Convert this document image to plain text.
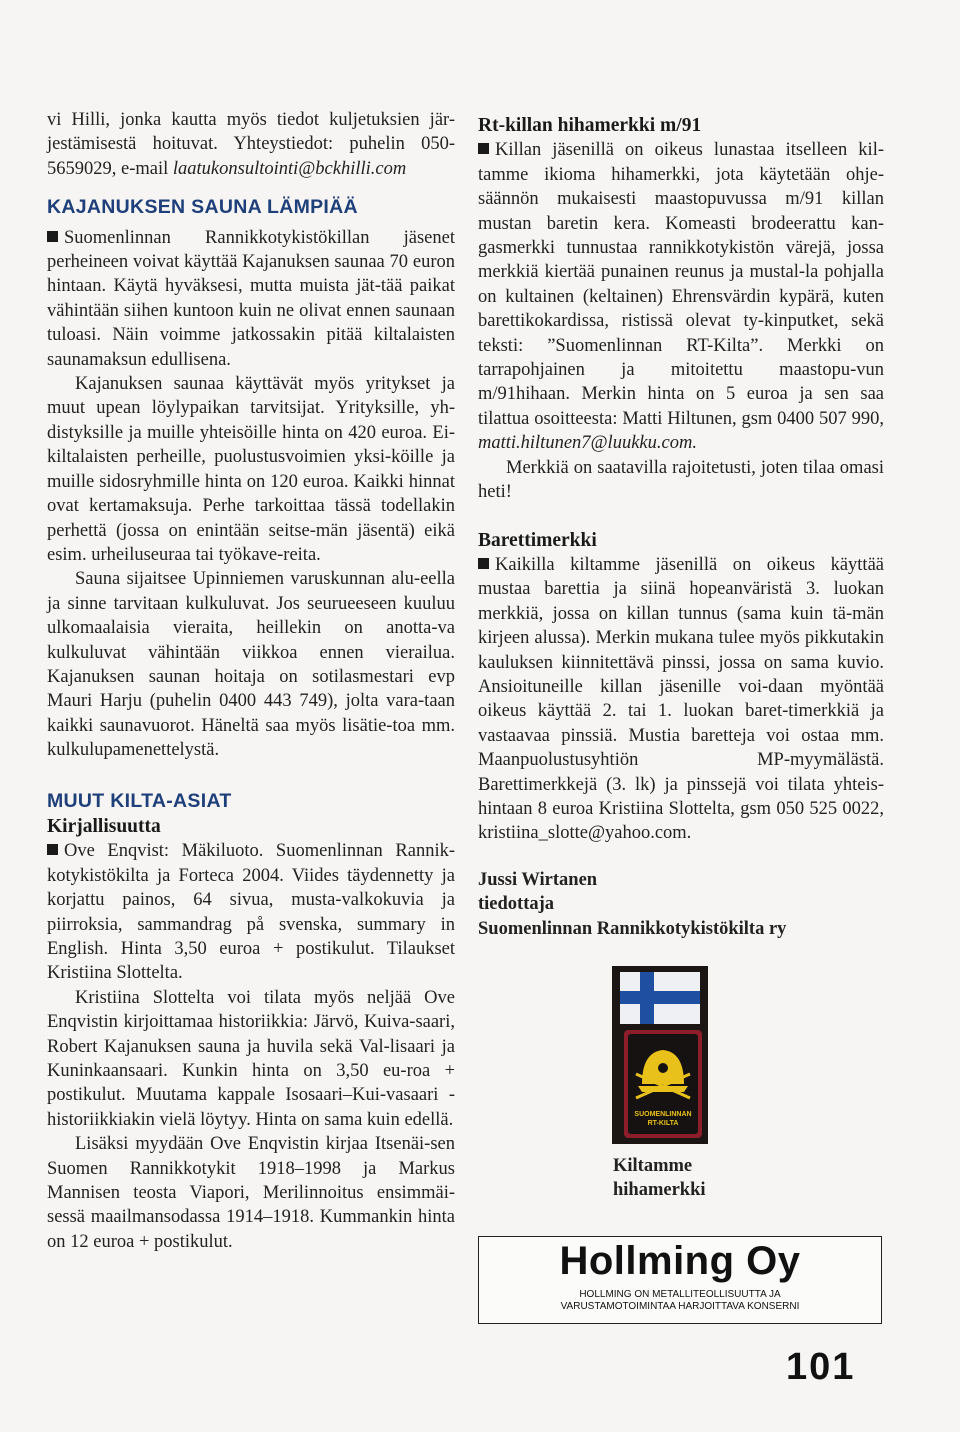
vi Hilli, jonka kautta myös tiedot kuljetuksien jär-jestämisestä hoituvat. Yhteystiedot: puhelin 050- 5659029, e-mail laatukonsultointi@bckhilli.com

KAJANUKSEN SAUNA LÄMPIÄÄ

Suomenlinnan Rannikkotykistökillan jäsenet perheineen voivat käyttää Kajanuksen saunaa 70 euron hintaan. Käytä hyväksesi, mutta muista jät-tää paikat vähintään siihen kuntoon kuin ne olivat ennen saunaan tuloasi. Näin voimme jatkossakin pitää kiltalaisten saunamaksun edullisena.

Kajanuksen saunaa käyttävät myös yritykset ja muut upean löylypaikan tarvitsijat. Yrityksille, yh-distyksille ja muille yhteisöille hinta on 420 euroa. Ei-kiltalaisten perheille, puolustusvoimien yksi-köille ja muille sidosryhmille hinta on 120 euroa. Kaikki hinnat ovat kertamaksuja. Perhe tarkoittaa tässä todellakin perhettä (jossa on enintään seitse-män jäsentä) eikä esim. urheiluseuraa tai työkave-reita.

Sauna sijaitsee Upinniemen varuskunnan alu-eella ja sinne tarvitaan kulkuluvat. Jos seurueeseen kuuluu ulkomaalaisia vieraita, heillekin on anotta-va kulkuluvat vähintään viikkoa ennen vierailua. Kajanuksen saunan hoitaja on sotilasmestari evp Mauri Harju (puhelin 0400 443 749), jolta vara-taan kaikki saunavuorot. Häneltä saa myös lisätie-toa mm. kulkulupamenettelystä.

MUUT KILTA-ASIAT
Kirjallisuutta

Ove Enqvist: Mäkiluoto. Suomenlinnan Rannik-kotykistökilta ja Forteca 2004. Viides täydennetty ja korjattu painos, 64 sivua, musta-valkokuvia ja piirroksia, sammandrag på svenska, summary in English. Hinta 3,50 euroa + postikulut. Tilaukset Kristiina Slottelta.

Kristiina Slottelta voi tilata myös neljää Ove Enqvistin kirjoittamaa historiikkia: Järvö, Kuiva-saari, Robert Kajanuksen sauna ja huvila sekä Val-lisaari ja Kuninkaansaari. Kunkin hinta on 3,50 eu-roa + postikulut. Muutama kappale Isosaari–Kui-vasaari -historiikkiakin vielä löytyy. Hinta on sama kuin edellä.

Lisäksi myydään Ove Enqvistin kirjaa Itsenäi-sen Suomen Rannikkotykit 1918–1998 ja Markus Mannisen teosta Viapori, Merilinnoitus ensimmäi-sessä maailmansodassa 1914–1918. Kummankin hinta on 12 euroa + postikulut.

Rt-killan hihamerkki m/91

Killan jäsenillä on oikeus lunastaa itselleen kil-tamme ikioma hihamerkki, jota käytetään ohje-säännön mukaisesti maastopuvussa m/91 killan mustan baretin kera. Komeasti brodeerattu kan-gasmerkki tunnustaa rannikkotykistön värejä, jossa merkkiä kiertää punainen reunus ja mustal-la pohjalla on kultainen (keltainen) Ehrensvärdin kypärä, kuten barettikokardissa, ristissä olevat ty-kinputket, sekä teksti: ”Suomenlinnan RT-Kilta”. Merkki on tarrapohjainen ja mitoitettu maastopu-vun m/91hihaan. Merkin hinta on 5 euroa ja sen saa tilattua osoitteesta: Matti Hiltunen, gsm 0400 507 990, matti.hiltunen7@luukku.com.

Merkkiä on saatavilla rajoitetusti, joten tilaa omasi heti!

Barettimerkki

Kaikilla kiltamme jäsenillä on oikeus käyttää mustaa barettia ja siinä hopeanväristä 3. luokan merkkiä, jossa on killan tunnus (sama kuin tä-män kirjeen alussa). Merkin mukana tulee myös pikkutakin kauluksen kiinnitettävä pinssi, jossa on sama kuvio. Ansioituneille killan jäsenille voi-daan myöntää oikeus käyttää 2. tai 1. luokan baret-timerkkiä ja vastaavaa pinssiä. Mustia baretteja voi ostaa mm. Maanpuolustusyhtiön MP-myymälästä. Barettimerkkejä (3. lk) ja pinssejä voi tilata yhteis-hintaan 8 euroa Kristiina Slottelta, gsm 050 525 0022, kristiina_slotte@yahoo.com.

Jussi Wirtanen
tiedottaja
Suomenlinnan Rannikkotykistökilta ry
SUOMENLINNAN
RT-KILTA
Kiltamme
hihamerkki
Hollming Oy
HOLLMING ON METALLITEOLLISUUTTA JA
VARUSTAMOTOIMINTAA HARJOITTAVA KONSERNI
101
